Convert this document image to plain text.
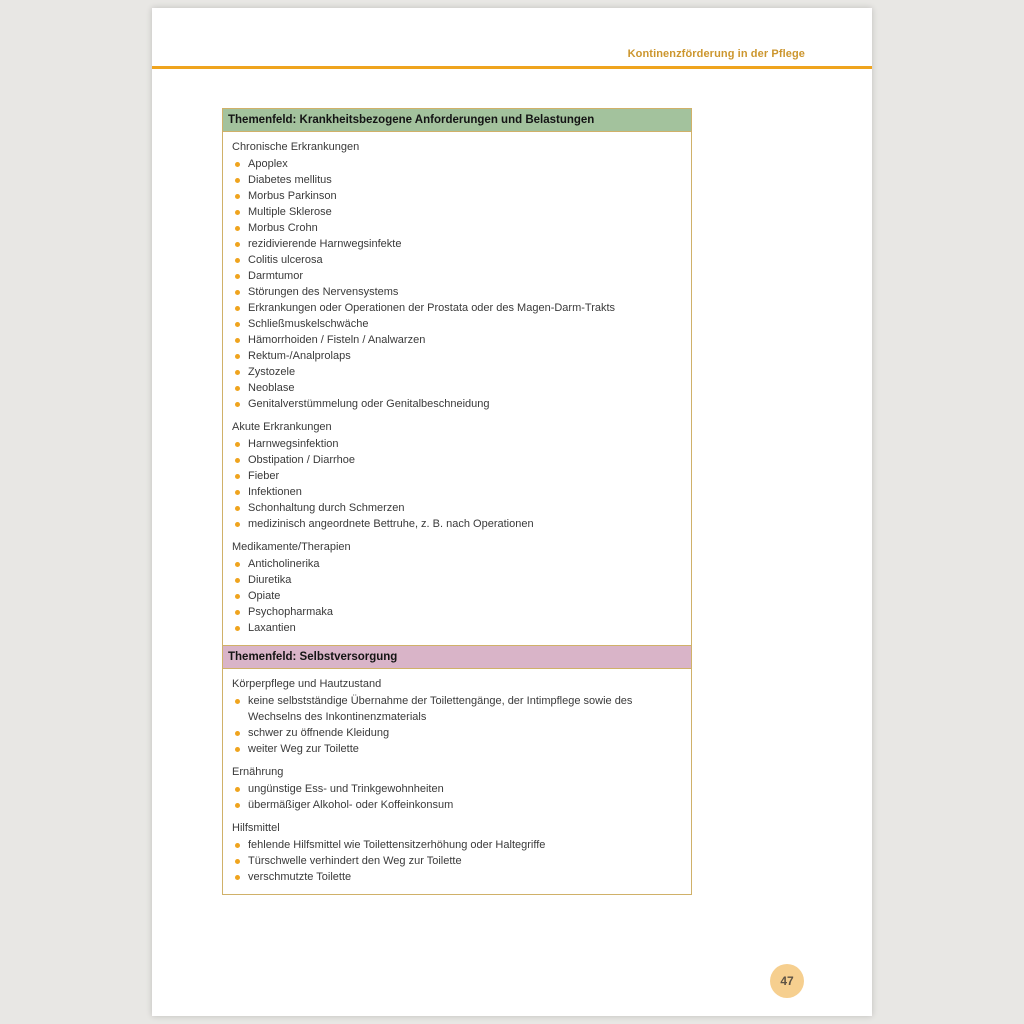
Kontinenzförderung in der Pflege
Themenfeld: Krankheitsbezogene Anforderungen und Belastungen
Chronische Erkrankungen
Apoplex
Diabetes mellitus
Morbus Parkinson
Multiple Sklerose
Morbus Crohn
rezidivierende Harnwegsinfekte
Colitis ulcerosa
Darmtumor
Störungen des Nervensystems
Erkrankungen oder Operationen der Prostata oder des Magen-Darm-Trakts
Schließmuskelschwäche
Hämorrhoiden / Fisteln / Analwarzen
Rektum-/Analprolaps
Zystozele
Neoblase
Genitalverstümmelung oder Genitalbeschneidung
Akute Erkrankungen
Harnwegsinfektion
Obstipation / Diarrhoe
Fieber
Infektionen
Schonhaltung durch Schmerzen
medizinisch angeordnete Bettruhe, z. B. nach Operationen
Medikamente/Therapien
Anticholinerika
Diuretika
Opiate
Psychopharmaka
Laxantien
Themenfeld: Selbstversorgung
Körperpflege und Hautzustand
keine selbstständige Übernahme der Toilettengänge, der Intimpflege sowie des Wechselns des Inkontinenzmaterials
schwer zu öffnende Kleidung
weiter Weg zur Toilette
Ernährung
ungünstige Ess- und Trinkgewohnheiten
übermäßiger Alkohol- oder Koffeinkonsum
Hilfsmittel
fehlende Hilfsmittel wie Toilettensitzerhöhung oder Haltegriffe
Türschwelle verhindert den Weg zur Toilette
verschmutzte Toilette
47
